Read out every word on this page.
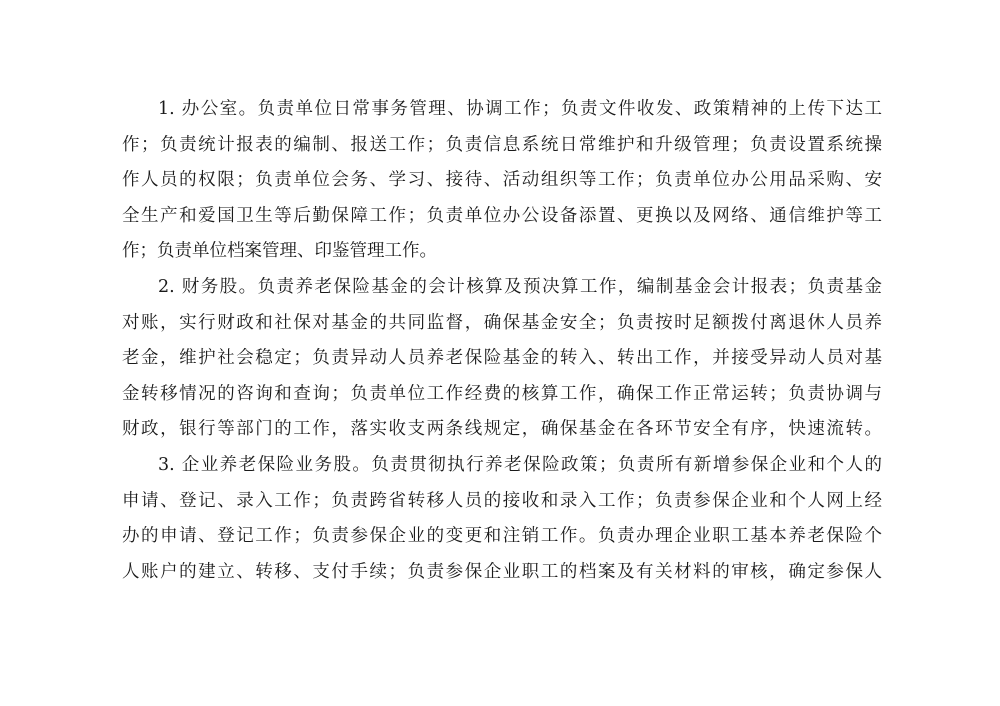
1. 办公室。负责单位日常事务管理、协调工作；负责文件收发、政策精神的上传下达工
作；负责统计报表的编制、报送工作；负责信息系统日常维护和升级管理；负责设置系统操
作人员的权限；负责单位会务、学习、接待、活动组织等工作；负责单位办公用品采购、安
全生产和爱国卫生等后勤保障工作；负责单位办公设备添置、更换以及网络、通信维护等工
作；负责单位档案管理、印鉴管理工作。
2. 财务股。负责养老保险基金的会计核算及预决算工作，编制基金会计报表；负责基金
对账，实行财政和社保对基金的共同监督，确保基金安全；负责按时足额拨付离退休人员养
老金，维护社会稳定；负责异动人员养老保险基金的转入、转出工作，并接受异动人员对基
金转移情况的咨询和查询；负责单位工作经费的核算工作，确保工作正常运转；负责协调与
财政，银行等部门的工作，落实收支两条线规定，确保基金在各环节安全有序，快速流转。
3. 企业养老保险业务股。负责贯彻执行养老保险政策；负责所有新增参保企业和个人的
申请、登记、录入工作；负责跨省转移人员的接收和录入工作；负责参保企业和个人网上经
办的申请、登记工作；负责参保企业的变更和注销工作。负责办理企业职工基本养老保险个
人账户的建立、转移、支付手续；负责参保企业职工的档案及有关材料的审核，确定参保人
